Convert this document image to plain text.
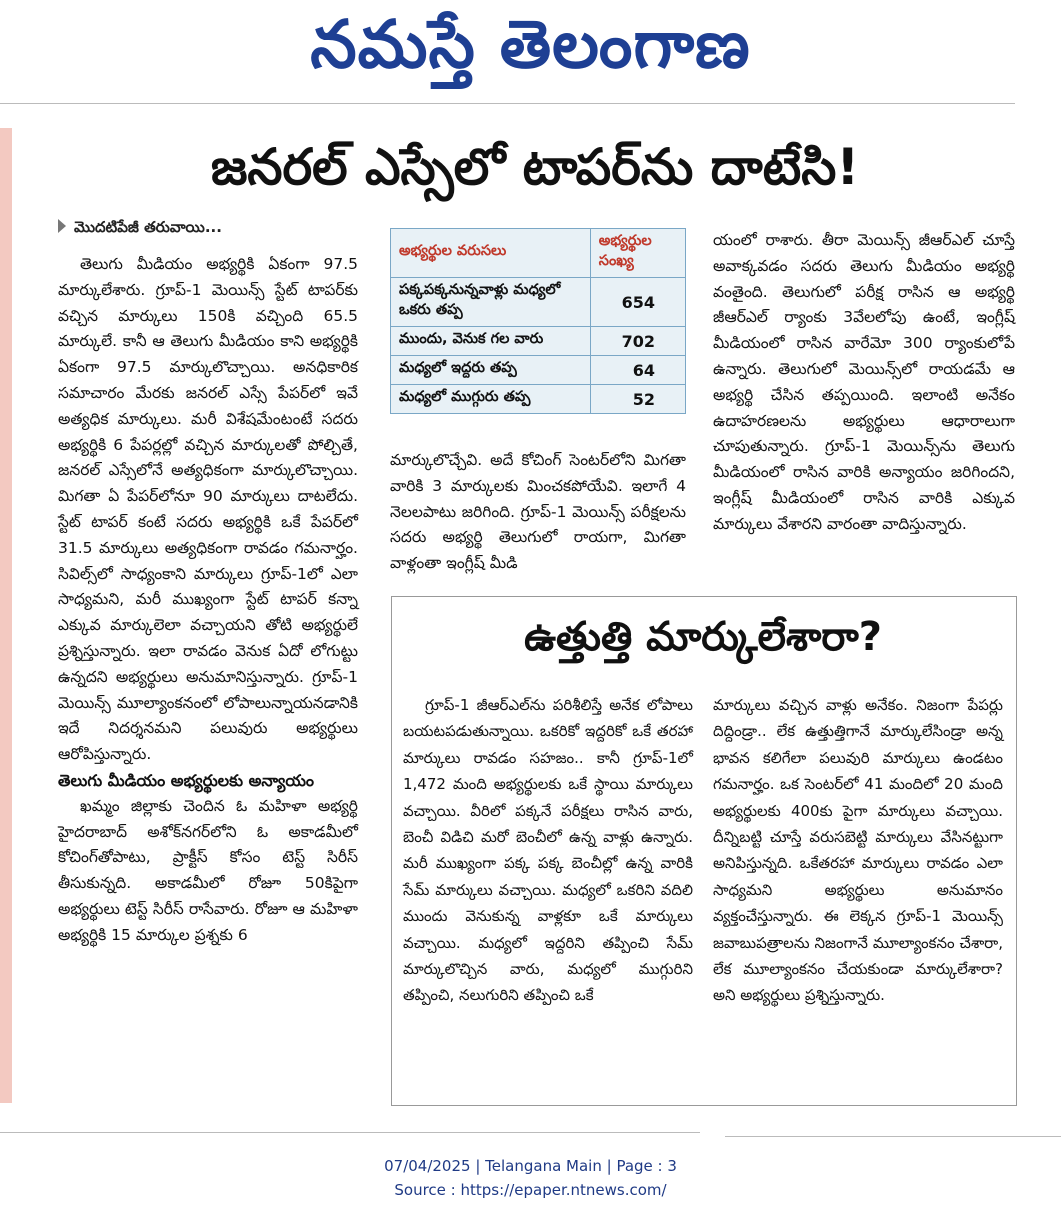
నమస్తే తెలంగాణ
జనరల్ ఎస్సేలో టాపర్‌ను దాటేసి!
మొదటిపేజీ తరువాయి...

తెలుగు మీడియం అభ్యర్థికి ఏకంగా 97.5 మార్కులేశారు. గ్రూప్-1 మెయిన్స్ స్టేట్ టాపర్‌కు వచ్చిన మార్కులు 150కి వచ్చింది 65.5 మార్కులే. కానీ ఆ తెలుగు మీడియం కాని అభ్యర్థికి ఏకంగా 97.5 మార్కులొచ్చాయి. అనధికారిక సమాచారం మేరకు జనరల్ ఎస్సే పేపర్‌లో ఇవే అత్యధిక మార్కులు. మరీ విశేషమేంటంటే సదరు అభ్యర్థికి 6 పేపర్లల్లో వచ్చిన మార్కులతో పోల్చితే, జనరల్ ఎస్సేలోనే అత్యధికంగా మార్కులొచ్చాయి. మిగతా ఏ పేపర్‌లోనూ 90 మార్కులు దాటలేదు. స్టేట్ టాపర్ కంటే సదరు అభ్యర్థికి ఒకే పేపర్‌లో 31.5 మార్కులు అత్యధికంగా రావడం గమనార్హం. సివిల్స్‌లో సాధ్యంకాని మార్కులు గ్రూప్-1లో ఎలా సాధ్యమని, మరీ ముఖ్యంగా స్టేట్ టాపర్ కన్నా ఎక్కువ మార్కులెలా వచ్చాయని తోటి అభ్యర్థులే ప్రశ్నిస్తున్నారు. ఇలా రావడం వెనుక ఏదో లోగుట్టు ఉన్నదని అభ్యర్థులు అనుమానిస్తున్నారు. గ్రూప్-1 మెయిన్స్ మూల్యాంకనంలో లోపాలున్నాయనడానికి ఇదే నిదర్శనమని పలువురు అభ్యర్థులు ఆరోపిస్తున్నారు.

తెలుగు మీడియం అభ్యర్థులకు అన్యాయం

ఖమ్మం జిల్లాకు చెందిన ఓ మహిళా అభ్యర్థి హైదరాబాద్ అశోక్‌నగర్‌లోని ఓ అకాడమీలో కోచింగ్‌తోపాటు, ప్రాక్టీస్ కోసం టెస్ట్ సిరీస్ తీసుకున్నది. అకాడమీలో రోజూ 50కిపైగా అభ్యర్థులు టెస్ట్ సిరీస్ రాసేవారు. రోజూ ఆ మహిళా అభ్యర్థికి 15 మార్కుల ప్రశ్నకు 6

అభ్యర్థుల వరుసలు	అభ్యర్థుల సంఖ్య
పక్కపక్కనున్నవాళ్లు మధ్యలో ఒకరు తప్ప	654
ముందు, వెనుక గల వారు	702
మధ్యలో ఇద్దరు తప్ప	64
మధ్యలో ముగ్గురు తప్ప	52

మార్కులొచ్చేవి. అదే కోచింగ్ సెంటర్‌లోని మిగతా వారికి 3 మార్కులకు మించకపోయేవి. ఇలాగే 4 నెలలపాటు జరిగింది. గ్రూప్-1 మెయిన్స్ పరీక్షలను సదరు అభ్యర్థి తెలుగులో రాయగా, మిగతా వాళ్లంతా ఇంగ్లీష్ మీడి

యంలో రాశారు. తీరా మెయిన్స్ జీఆర్‌ఎల్ చూస్తే అవాక్కవడం సదరు తెలుగు మీడియం అభ్యర్థి వంతైంది. తెలుగులో పరీక్ష రాసిన ఆ అభ్యర్థి జీఆర్‌ఎల్ ర్యాంకు 3వేలలోపు ఉంటే, ఇంగ్లీష్ మీడియంలో రాసిన వారేమో 300 ర్యాంకులోపే ఉన్నారు. తెలుగులో మెయిన్స్‌లో రాయడమే ఆ అభ్యర్థి చేసిన తప్పయింది. ఇలాంటి అనేకం ఉదాహరణలను అభ్యర్థులు ఆధారాలుగా చూపుతున్నారు. గ్రూప్-1 మెయిన్స్‌ను తెలుగు మీడియంలో రాసిన వారికి అన్యాయం జరిగిందని, ఇంగ్లీష్ మీడియంలో రాసిన వారికి ఎక్కువ మార్కులు వేశారని వారంతా వాదిస్తున్నారు.

ఉత్తుత్తి మార్కులేశారా?

గ్రూప్-1 జీఆర్‌ఎల్‌ను పరిశీలిస్తే అనేక లోపాలు బయటపడుతున్నాయి. ఒకరికో ఇద్దరికో ఒకే తరహా మార్కులు రావడం సహజం.. కానీ గ్రూప్-1లో 1,472 మంది అభ్యర్థులకు ఒకే స్థాయి మార్కులు వచ్చాయి. వీరిలో పక్కనే పరీక్షలు రాసిన వారు, బెంచీ విడిచి మరో బెంచీలో ఉన్న వాళ్లు ఉన్నారు. మరీ ముఖ్యంగా పక్క పక్క బెంచీల్లో ఉన్న వారికి సేమ్ మార్కులు వచ్చాయి. మధ్యలో ఒకరిని వదిలి ముందు వెనుకున్న వాళ్లకూ ఒకే మార్కులు వచ్చాయి. మధ్యలో ఇద్దరిని తప్పించి సేమ్ మార్కులొచ్చిన వారు, మధ్యలో ముగ్గురిని తప్పించి, నలుగురిని తప్పించి ఒకే

మార్కులు వచ్చిన వాళ్లు అనేకం. నిజంగా పేపర్లు దిద్దిండ్రా.. లేక ఉత్తుత్తిగానే మార్కులేసిండ్రా అన్న భావన కలిగేలా పలువురి మార్కులు ఉండటం గమనార్హం. ఒక సెంటర్‌లో 41 మందిలో 20 మంది అభ్యర్థులకు 400కు పైగా మార్కులు వచ్చాయి. దీన్నిబట్టి చూస్తే వరుసబెట్టి మార్కులు వేసినట్టుగా అనిపిస్తున్నది. ఒకేతరహా మార్కులు రావడం ఎలా సాధ్యమని అభ్యర్థులు అనుమానం వ్యక్తంచేస్తున్నారు. ఈ లెక్కన గ్రూప్-1 మెయిన్స్ జవాబుపత్రాలను నిజంగానే మూల్యాంకనం చేశారా, లేక మూల్యాంకనం చేయకుండా మార్కులేశారా? అని అభ్యర్థులు ప్రశ్నిస్తున్నారు.

07/04/2025 | Telangana Main | Page : 3
Source : https://epaper.ntnews.com/
